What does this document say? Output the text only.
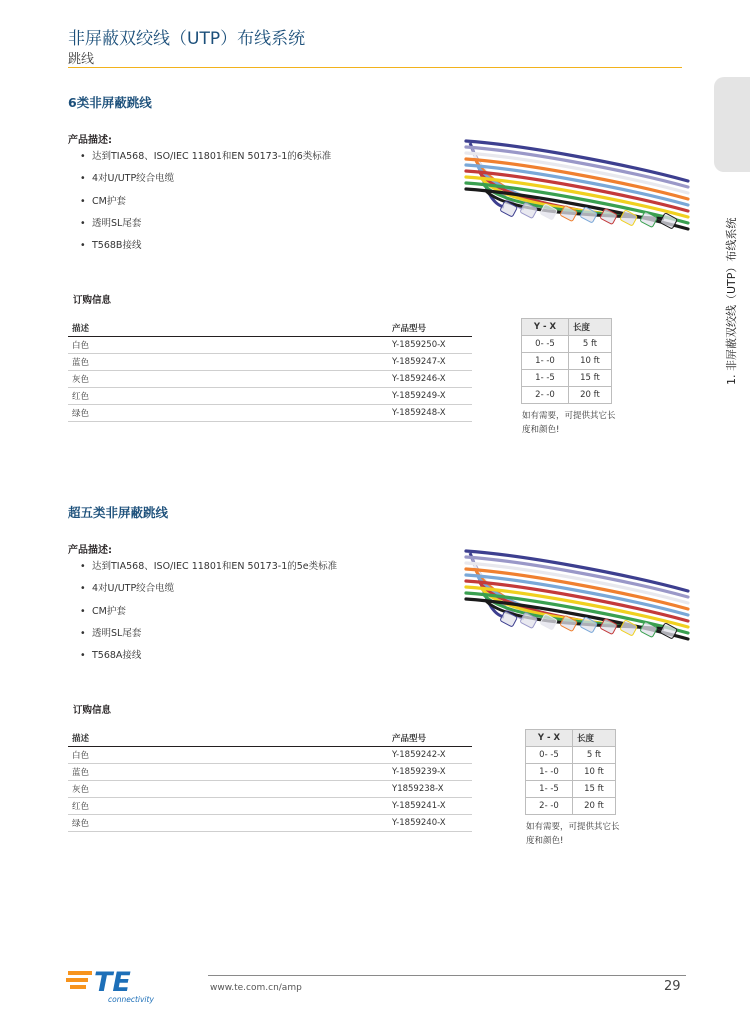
非屏蔽双绞线（UTP）布线系统
跳线
1. 非屏蔽双绞线（UTP）布线系统
6类非屏蔽跳线
产品描述:
• 达到TIA568、ISO/IEC 11801和EN 50173-1的6类标准
• 4对U/UTP绞合电缆
• CM护套
• 透明SL尾套
• T568B接线
订购信息
描述	产品型号
白色	Y-1859250-X
蓝色	Y-1859247-X
灰色	Y-1859246-X
红色	Y-1859249-X
绿色	Y-1859248-X
Y - X	长度
0- -5	5 ft
1- -0	10 ft
1- -5	15 ft
2- -0	20 ft
如有需要，可提供其它长度和颜色!
超五类非屏蔽跳线
产品描述:
• 达到TIA568、ISO/IEC 11801和EN 50173-1的5e类标准
• 4对U/UTP绞合电缆
• CM护套
• 透明SL尾套
• T568A接线
订购信息
描述	产品型号
白色	Y-1859242-X
蓝色	Y-1859239-X
灰色	Y1859238-X
红色	Y-1859241-X
绿色	Y-1859240-X
Y - X	长度
0- -5	5 ft
1- -0	10 ft
1- -5	15 ft
2- -0	20 ft
如有需要，可提供其它长度和颜色!
TE
connectivity
www.te.com.cn/amp	29
